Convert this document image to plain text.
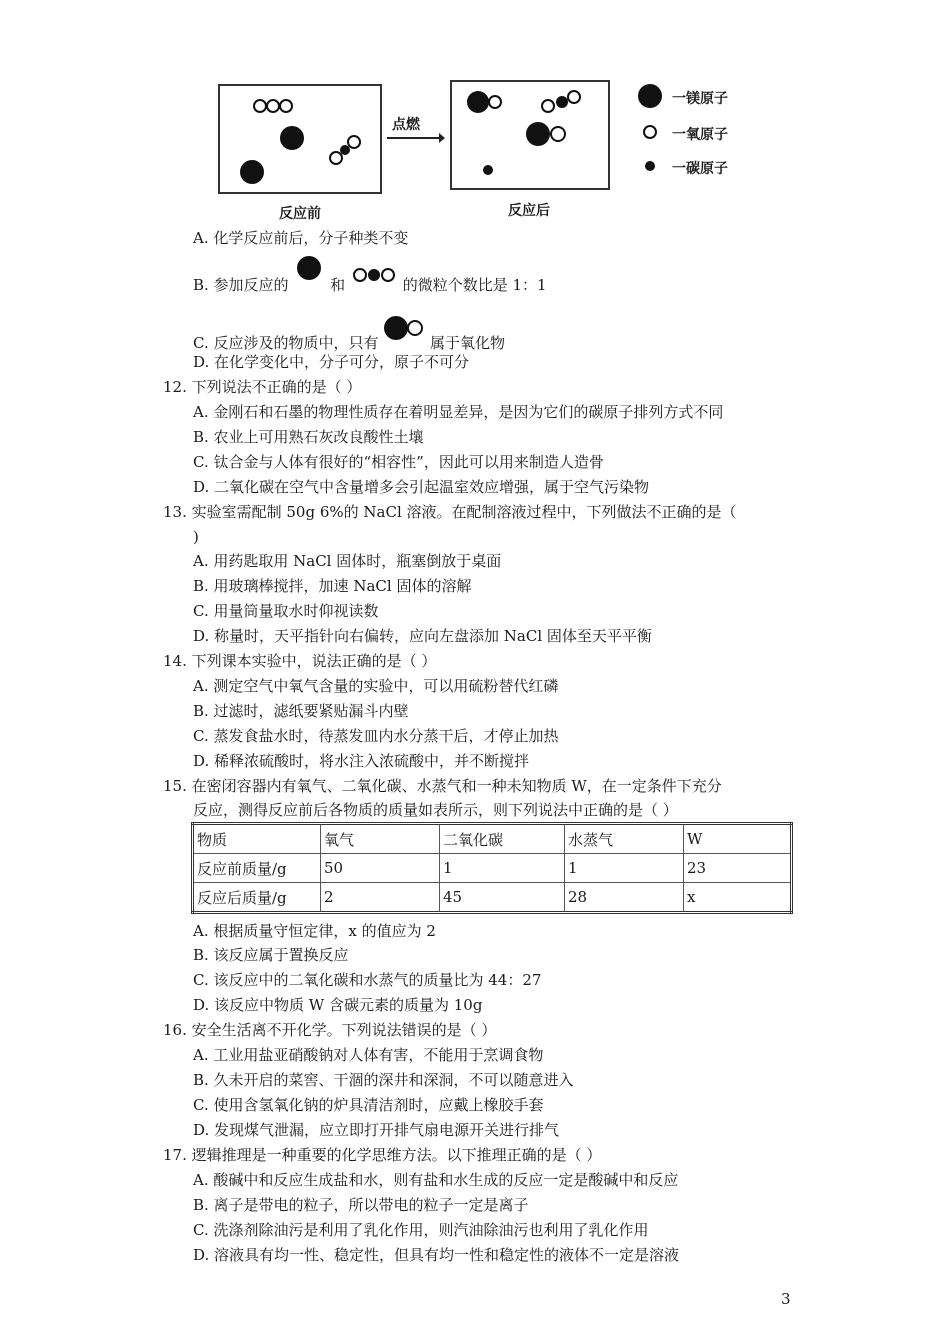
点燃
反应前	反应后
一镁原子
一氧原子
一碳原子
A. 化学反应前后，分子种类不变
B. 参加反应的	和	的微粒个数比是 1：1
C. 反应涉及的物质中，只有	属于氧化物
D. 在化学变化中，分子可分，原子不可分
12. 下列说法不正确的是（ ）
A. 金刚石和石墨的物理性质存在着明显差异，是因为它们的碳原子排列方式不同
B. 农业上可用熟石灰改良酸性土壤
C. 钛合金与人体有很好的“相容性”，因此可以用来制造人造骨
D. 二氧化碳在空气中含量增多会引起温室效应增强，属于空气污染物
13. 实验室需配制 50g 6%的 NaCl 溶液。在配制溶液过程中，下列做法不正确的是（
)
A. 用药匙取用 NaCl 固体时，瓶塞倒放于桌面
B. 用玻璃棒搅拌，加速 NaCl 固体的溶解
C. 用量筒量取水时仰视读数
D. 称量时，天平指针向右偏转，应向左盘添加 NaCl 固体至天平平衡
14. 下列课本实验中，说法正确的是（ ）
A. 测定空气中氧气含量的实验中，可以用硫粉替代红磷
B. 过滤时，滤纸要紧贴漏斗内壁
C. 蒸发食盐水时，待蒸发皿内水分蒸干后，才停止加热
D. 稀释浓硫酸时，将水注入浓硫酸中，并不断搅拌
15. 在密闭容器内有氧气、二氧化碳、水蒸气和一种未知物质 W，在一定条件下充分
反应，测得反应前后各物质的质量如表所示，则下列说法中正确的是（ ）
物质	氧气	二氧化碳	水蒸气	W
反应前质量/g	50	1	1	23
反应后质量/g	2	45	28	x
A. 根据质量守恒定律，x 的值应为 2
B. 该反应属于置换反应
C. 该反应中的二氧化碳和水蒸气的质量比为 44：27
D. 该反应中物质 W 含碳元素的质量为 10g
16. 安全生活离不开化学。下列说法错误的是（ ）
A. 工业用盐亚硝酸钠对人体有害，不能用于烹调食物
B. 久未开启的菜窖、干涸的深井和深洞，不可以随意进入
C. 使用含氢氧化钠的炉具清洁剂时，应戴上橡胶手套
D. 发现煤气泄漏，应立即打开排气扇电源开关进行排气
17. 逻辑推理是一种重要的化学思维方法。以下推理正确的是（ ）
A. 酸碱中和反应生成盐和水，则有盐和水生成的反应一定是酸碱中和反应
B. 离子是带电的粒子，所以带电的粒子一定是离子
C. 洗涤剂除油污是利用了乳化作用，则汽油除油污也利用了乳化作用
D. 溶液具有均一性、稳定性，但具有均一性和稳定性的液体不一定是溶液
3
